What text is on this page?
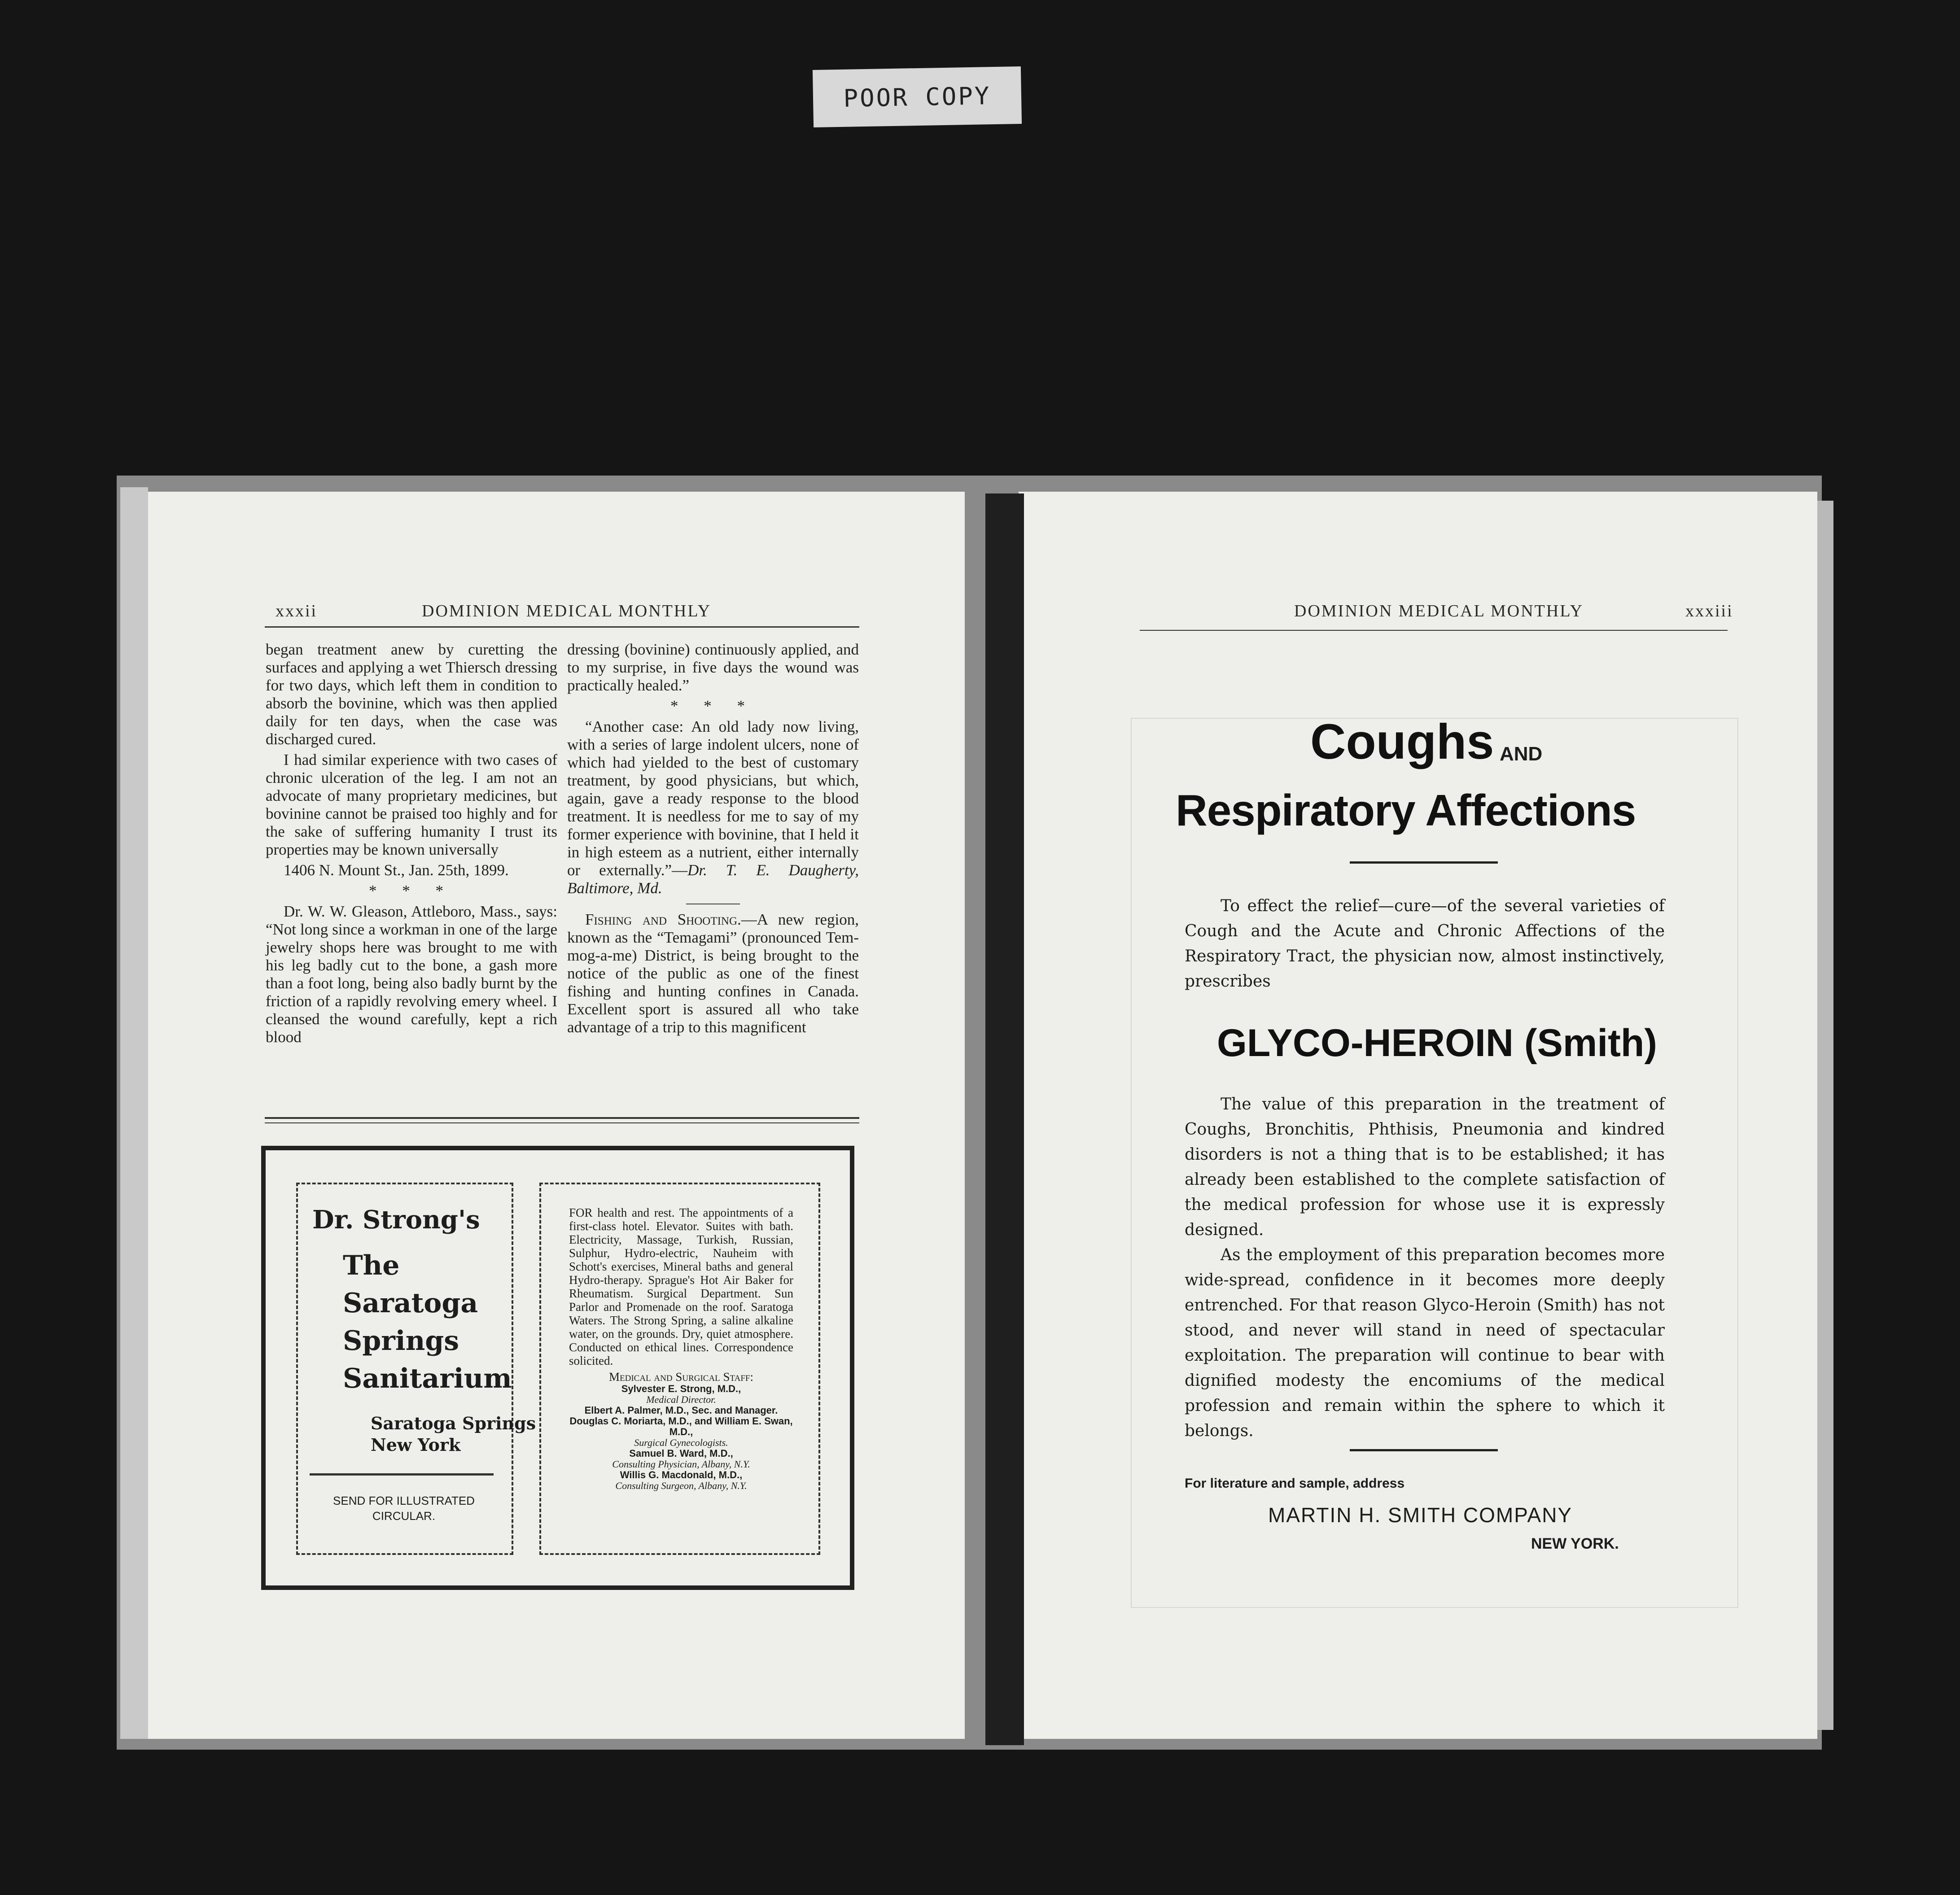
POOR COPY
xxxii	DOMINION MEDICAL MONTHLY

began treatment anew by curetting the surfaces and applying a wet Thiersch dressing for two days, which left them in condition to absorb the bovinine, which was then applied daily for ten days, when the case was discharged cured.

I had similar experience with two cases of chronic ulceration of the leg. I am not an advocate of many proprietary medicines, but bovinine cannot be praised too highly and for the sake of suffering humanity I trust its properties may be known universally

1406 N. Mount St., Jan. 25th, 1899.

* * *

Dr. W. W. Gleason, Attleboro, Mass., says: “Not long since a workman in one of the large jewelry shops here was brought to me with his leg badly cut to the bone, a gash more than a foot long, being also badly burnt by the friction of a rapidly revolving emery wheel. I cleansed the wound carefully, kept a rich blood

dressing (bovinine) continuously applied, and to my surprise, in five days the wound was practically healed.”

* * *

“Another case: An old lady now living, with a series of large indolent ulcers, none of which had yielded to the best of customary treatment, by good physicians, but which, again, gave a ready response to the blood treatment. It is needless for me to say of my former experience with bovinine, that I held it in high esteem as a nutrient, either internally or externally.”—Dr. T. E. Daugherty, Baltimore, Md.

Fishing and Shooting.—A new region, known as the “Temagami” (pronounced Tem-mog-a-me) District, is being brought to the notice of the public as one of the finest fishing and hunting confines in Canada. Excellent sport is assured all who take advantage of a trip to this magnificent

Dr. Strong's
The
Saratoga
Springs
Sanitarium
Saratoga Springs
New York
SEND FOR ILLUSTRATED CIRCULAR.
FOR health and rest. The appointments of a first-class hotel. Elevator. Suites with bath. Electricity, Massage, Turkish, Russian, Sulphur, Hydro-electric, Nauheim with Schott's exercises, Mineral baths and general Hydro-therapy. Sprague's Hot Air Baker for Rheumatism. Surgical Department. Sun Parlor and Promenade on the roof. Saratoga Waters. The Strong Spring, a saline alkaline water, on the grounds. Dry, quiet atmosphere. Conducted on ethical lines. Correspondence solicited.
Medical and Surgical Staff:
Sylvester E. Strong, M.D.,
Medical Director.
Elbert A. Palmer, M.D., Sec. and Manager.
Douglas C. Moriarta, M.D., and William E. Swan, M.D.,
Surgical Gynecologists.
Samuel B. Ward, M.D.,
Consulting Physician, Albany, N.Y.
Willis G. Macdonald, M.D.,
Consulting Surgeon, Albany, N.Y.
DOMINION MEDICAL MONTHLY	xxxiii
Coughs AND
Respiratory Affections

To effect the relief—cure—of the several varieties of Cough and the Acute and Chronic Affections of the Respiratory Tract, the physician now, almost instinctively, prescribes

GLYCO-HEROIN (Smith)

The value of this preparation in the treatment of Coughs, Bronchitis, Phthisis, Pneumonia and kindred disorders is not a thing that is to be established; it has already been established to the complete satisfaction of the medical profession for whose use it is expressly designed.

As the employment of this preparation becomes more wide-spread, confidence in it becomes more deeply entrenched. For that reason Glyco-Heroin (Smith) has not stood, and never will stand in need of spectacular exploitation. The preparation will continue to bear with dignified modesty the encomiums of the medical profession and remain within the sphere to which it belongs.

For literature and sample, address
MARTIN H. SMITH COMPANY
NEW YORK.
